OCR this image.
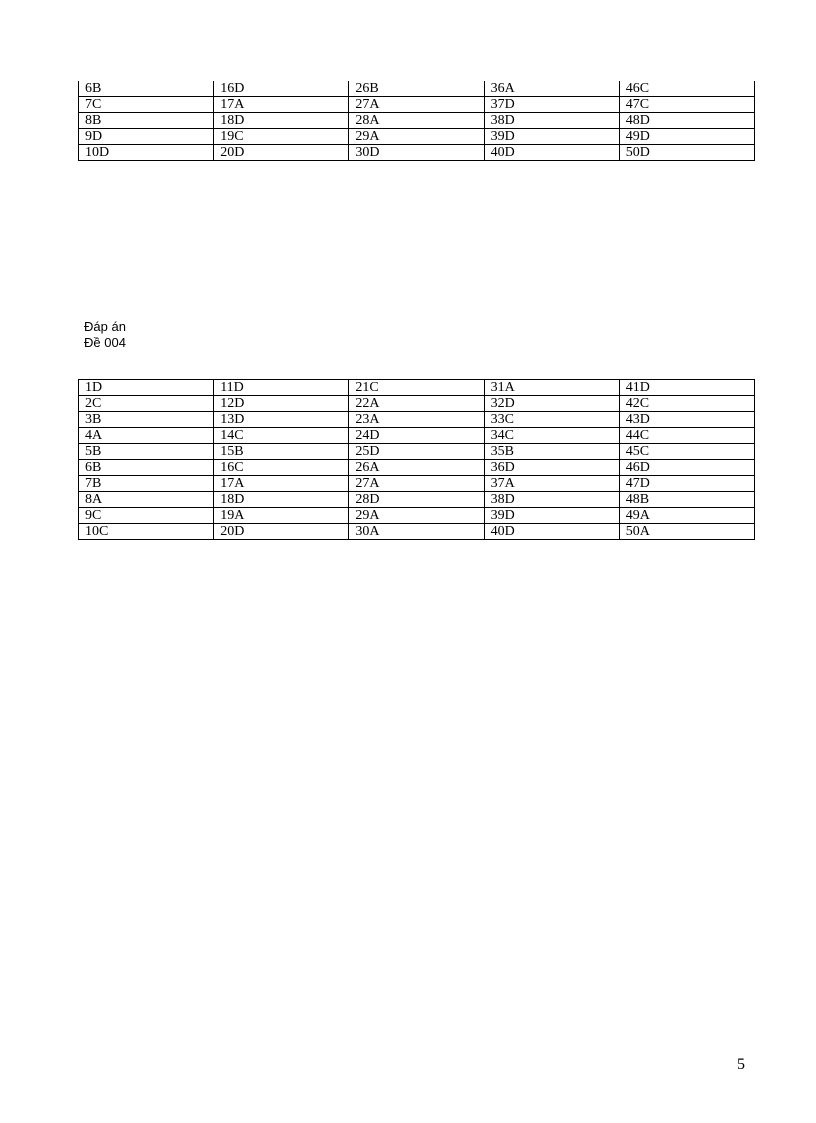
6B	16D	26B	36A	46C
7C	17A	27A	37D	47C
8B	18D	28A	38D	48D
9D	19C	29A	39D	49D
10D	20D	30D	40D	50D
Đáp án
Đề 004
1D	11D	21C	31A	41D
2C	12D	22A	32D	42C
3B	13D	23A	33C	43D
4A	14C	24D	34C	44C
5B	15B	25D	35B	45C
6B	16C	26A	36D	46D
7B	17A	27A	37A	47D
8A	18D	28D	38D	48B
9C	19A	29A	39D	49A
10C	20D	30A	40D	50A
5
